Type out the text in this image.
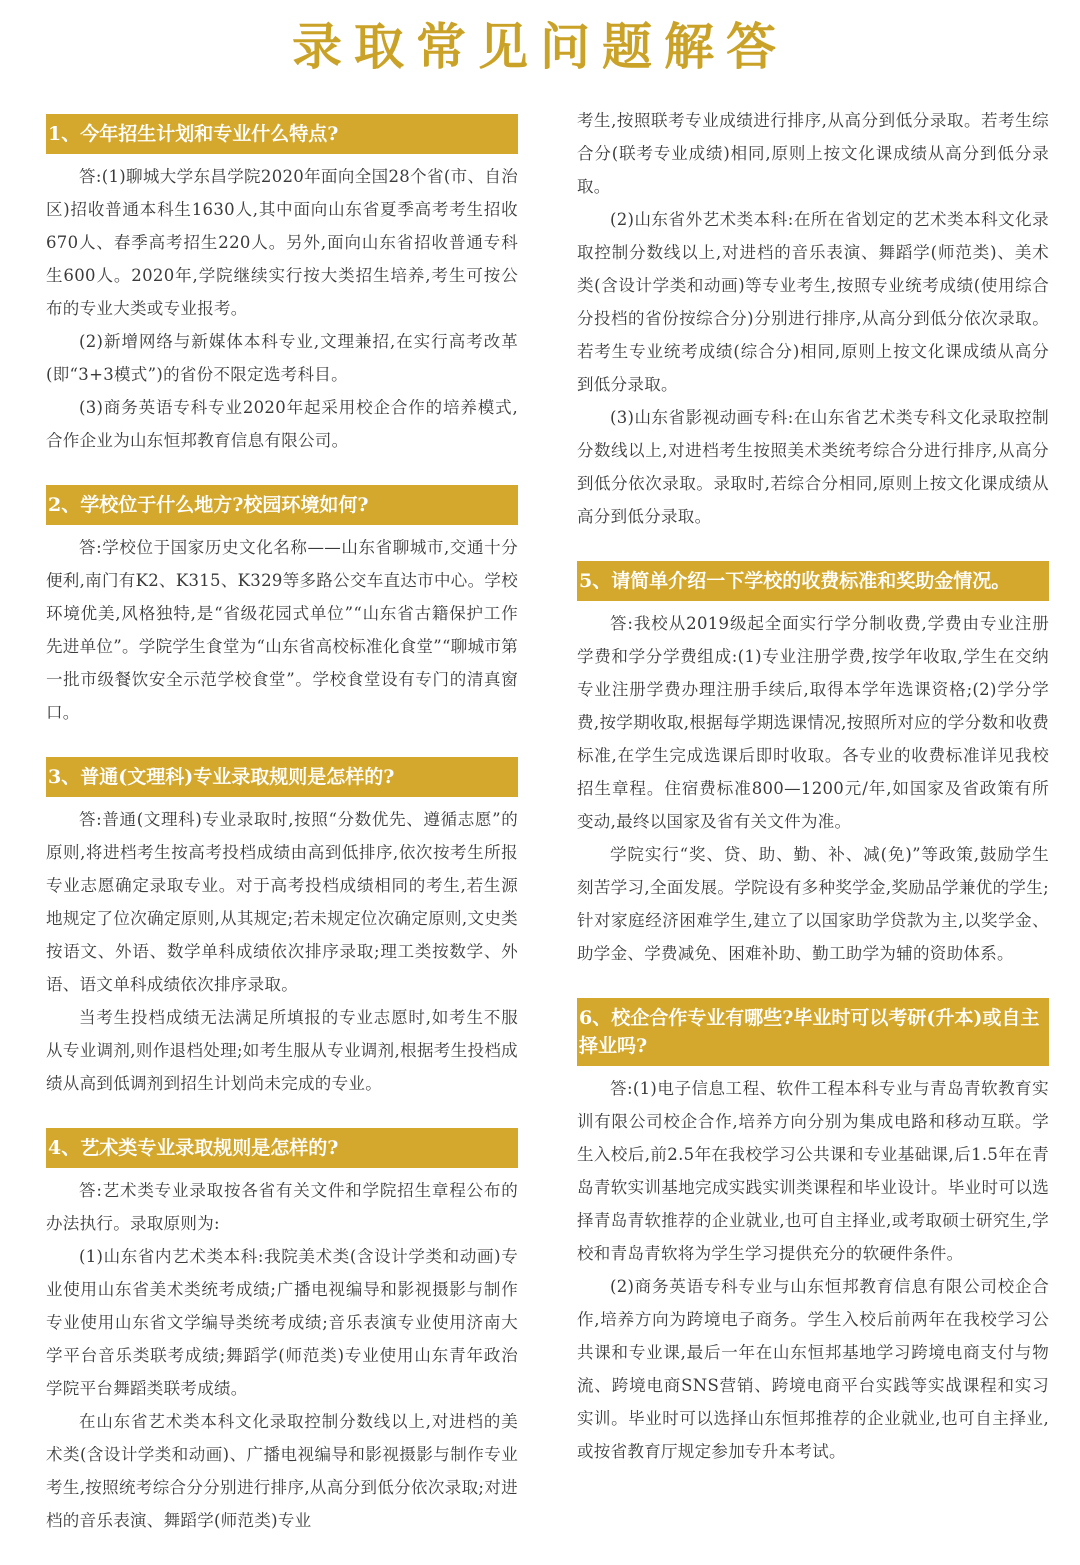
录取常见问题解答
1、今年招生计划和专业什么特点?

答:(1)聊城大学东昌学院2020年面向全国28个省(市、自治区)招收普通本科生1630人,其中面向山东省夏季高考考生招收670人、春季高考招生220人。另外,面向山东省招收普通专科生600人。2020年,学院继续实行按大类招生培养,考生可按公布的专业大类或专业报考。

(2)新增网络与新媒体本科专业,文理兼招,在实行高考改革(即“3+3模式”)的省份不限定选考科目。

(3)商务英语专科专业2020年起采用校企合作的培养模式,合作企业为山东恒邦教育信息有限公司。

2、学校位于什么地方?校园环境如何?

答:学校位于国家历史文化名称——山东省聊城市,交通十分便利,南门有K2、K315、K329等多路公交车直达市中心。学校环境优美,风格独特,是“省级花园式单位”“山东省古籍保护工作先进单位”。学院学生食堂为“山东省高校标准化食堂”“聊城市第一批市级餐饮安全示范学校食堂”。学校食堂设有专门的清真窗口。

3、普通(文理科)专业录取规则是怎样的?

答:普通(文理科)专业录取时,按照“分数优先、遵循志愿”的原则,将进档考生按高考投档成绩由高到低排序,依次按考生所报专业志愿确定录取专业。对于高考投档成绩相同的考生,若生源地规定了位次确定原则,从其规定;若未规定位次确定原则,文史类按语文、外语、数学单科成绩依次排序录取;理工类按数学、外语、语文单科成绩依次排序录取。

当考生投档成绩无法满足所填报的专业志愿时,如考生不服从专业调剂,则作退档处理;如考生服从专业调剂,根据考生投档成绩从高到低调剂到招生计划尚未完成的专业。

4、艺术类专业录取规则是怎样的?

答:艺术类专业录取按各省有关文件和学院招生章程公布的办法执行。录取原则为:

(1)山东省内艺术类本科:我院美术类(含设计学类和动画)专业使用山东省美术类统考成绩;广播电视编导和影视摄影与制作专业使用山东省文学编导类统考成绩;音乐表演专业使用济南大学平台音乐类联考成绩;舞蹈学(师范类)专业使用山东青年政治学院平台舞蹈类联考成绩。

在山东省艺术类本科文化录取控制分数线以上,对进档的美术类(含设计学类和动画)、广播电视编导和影视摄影与制作专业考生,按照统考综合分分别进行排序,从高分到低分依次录取;对进档的音乐表演、舞蹈学(师范类)专业

考生,按照联考专业成绩进行排序,从高分到低分录取。若考生综合分(联考专业成绩)相同,原则上按文化课成绩从高分到低分录取。

(2)山东省外艺术类本科:在所在省划定的艺术类本科文化录取控制分数线以上,对进档的音乐表演、舞蹈学(师范类)、美术类(含设计学类和动画)等专业考生,按照专业统考成绩(使用综合分投档的省份按综合分)分别进行排序,从高分到低分依次录取。若考生专业统考成绩(综合分)相同,原则上按文化课成绩从高分到低分录取。

(3)山东省影视动画专科:在山东省艺术类专科文化录取控制分数线以上,对进档考生按照美术类统考综合分进行排序,从高分到低分依次录取。录取时,若综合分相同,原则上按文化课成绩从高分到低分录取。

5、请简单介绍一下学校的收费标准和奖助金情况。

答:我校从2019级起全面实行学分制收费,学费由专业注册学费和学分学费组成:(1)专业注册学费,按学年收取,学生在交纳专业注册学费办理注册手续后,取得本学年选课资格;(2)学分学费,按学期收取,根据每学期选课情况,按照所对应的学分数和收费标准,在学生完成选课后即时收取。各专业的收费标准详见我校招生章程。住宿费标准800—1200元/年,如国家及省政策有所变动,最终以国家及省有关文件为准。

学院实行“奖、贷、助、勤、补、减(免)”等政策,鼓励学生刻苦学习,全面发展。学院设有多种奖学金,奖励品学兼优的学生;针对家庭经济困难学生,建立了以国家助学贷款为主,以奖学金、助学金、学费减免、困难补助、勤工助学为辅的资助体系。

6、校企合作专业有哪些?毕业时可以考研(升本)或自主择业吗?

答:(1)电子信息工程、软件工程本科专业与青岛青软教育实训有限公司校企合作,培养方向分别为集成电路和移动互联。学生入校后,前2.5年在我校学习公共课和专业基础课,后1.5年在青岛青软实训基地完成实践实训类课程和毕业设计。毕业时可以选择青岛青软推荐的企业就业,也可自主择业,或考取硕士研究生,学校和青岛青软将为学生学习提供充分的软硬件条件。

(2)商务英语专科专业与山东恒邦教育信息有限公司校企合作,培养方向为跨境电子商务。学生入校后前两年在我校学习公共课和专业课,最后一年在山东恒邦基地学习跨境电商支付与物流、跨境电商SNS营销、跨境电商平台实践等实战课程和实习实训。毕业时可以选择山东恒邦推荐的企业就业,也可自主择业,或按省教育厅规定参加专升本考试。
